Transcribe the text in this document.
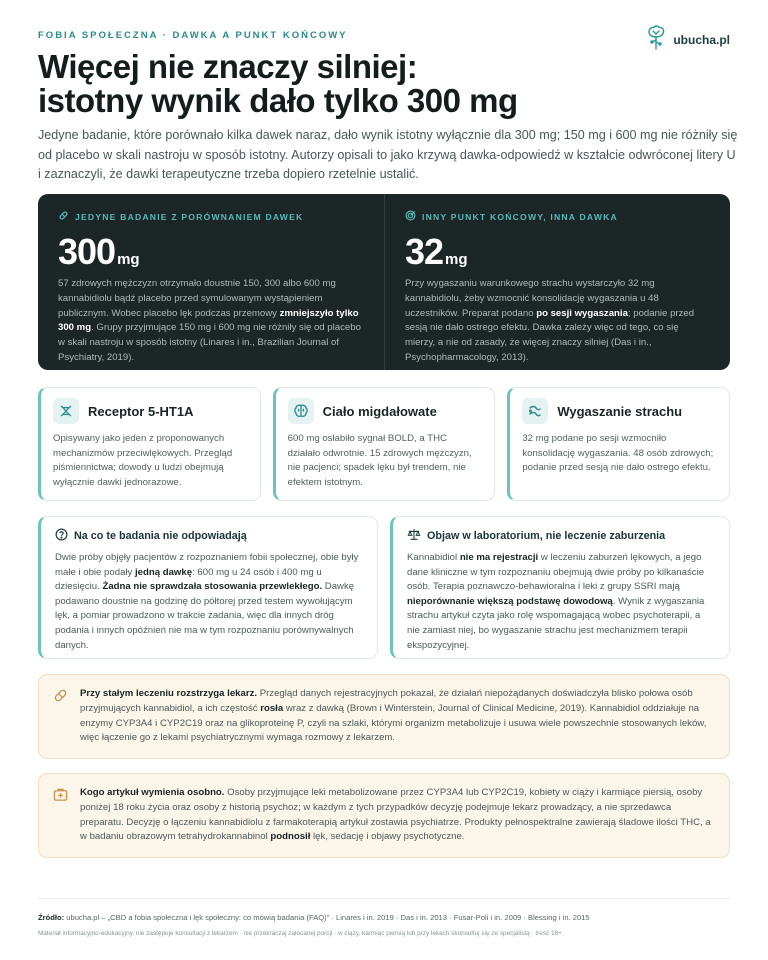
FOBIA SPOŁECZNA · DAWKA A PUNKT KOŃCOWY	ubucha.pl
Więcej nie znaczy silniej:
istotny wynik dało tylko 300 mg

Jedyne badanie, które porównało kilka dawek naraz, dało wynik istotny wyłącznie dla 300 mg; 150 mg i 600 mg nie różniły się od placebo w skali nastroju w sposób istotny. Autorzy opisali to jako krzywą dawka-odpowiedź w kształcie odwróconej litery U i zaznaczyli, że dawki terapeutyczne trzeba dopiero rzetelnie ustalić.

JEDYNE BADANIE Z PORÓWNANIEM DAWEK
300 mg

57 zdrowych mężczyzn otrzymało doustnie 150, 300 albo 600 mg kannabidiolu bądź placebo przed symulowanym wystąpieniem publicznym. Wobec placebo lęk podczas przemowy zmniejszyło tylko 300 mg. Grupy przyjmujące 150 mg i 600 mg nie różniły się od placebo w skali nastroju w sposób istotny (Linares i in., Brazilian Journal of Psychiatry, 2019).

INNY PUNKT KOŃCOWY, INNA DAWKA
32 mg

Przy wygaszaniu warunkowego strachu wystarczyło 32 mg kannabidiolu, żeby wzmocnić konsolidację wygaszania u 48 uczestników. Preparat podano po sesji wygaszania; podanie przed sesją nie dało ostrego efektu. Dawka zależy więc od tego, co się mierzy, a nie od zasady, że więcej znaczy silniej (Das i in., Psychopharmacology, 2013).

Receptor 5-HT1A

Opisywany jako jeden z proponowanych mechanizmów przeciwlękowych. Przegląd piśmiennictwa; dowody u ludzi obejmują wyłącznie dawki jednorazowe.

Ciało migdałowate

600 mg osłabiło sygnał BOLD, a THC działało odwrotnie. 15 zdrowych mężczyzn, nie pacjenci; spadek lęku był trendem, nie efektem istotnym.

Wygaszanie strachu

32 mg podane po sesji wzmocniło konsolidację wygaszania. 48 osób zdrowych; podanie przed sesją nie dało ostrego efektu.

Na co te badania nie odpowiadają

Dwie próby objęły pacjentów z rozpoznaniem fobii społecznej, obie były małe i obie podały jedną dawkę: 600 mg u 24 osób i 400 mg u dziesięciu. Żadna nie sprawdzała stosowania przewlekłego. Dawkę podawano doustnie na godzinę do półtorej przed testem wywołującym lęk, a pomiar prowadzono w trakcie zadania, więc dla innych dróg podania i innych opóźnień nie ma w tym rozpoznaniu porównywalnych danych.

Objaw w laboratorium, nie leczenie zaburzenia

Kannabidiol nie ma rejestracji w leczeniu zaburzeń lękowych, a jego dane kliniczne w tym rozpoznaniu obejmują dwie próby po kilkanaście osób. Terapia poznawczo-behawioralna i leki z grupy SSRI mają nieporównanie większą podstawę dowodową. Wynik z wygaszania strachu artykuł czyta jako rolę wspomagającą wobec psychoterapii, a nie zamiast niej, bo wygaszanie strachu jest mechanizmem terapii ekspozycyjnej.

Przy stałym leczeniu rozstrzyga lekarz. Przegląd danych rejestracyjnych pokazał, że działań niepożądanych doświadczyła blisko połowa osób przyjmujących kannabidiol, a ich częstość rosła wraz z dawką (Brown i Winterstein, Journal of Clinical Medicine, 2019). Kannabidiol oddziałuje na enzymy CYP3A4 i CYP2C19 oraz na glikoproteinę P, czyli na szlaki, którymi organizm metabolizuje i usuwa wiele powszechnie stosowanych leków, więc łączenie go z lekami psychiatrycznymi wymaga rozmowy z lekarzem.

Kogo artykuł wymienia osobno. Osoby przyjmujące leki metabolizowane przez CYP3A4 lub CYP2C19, kobiety w ciąży i karmiące piersią, osoby poniżej 18 roku życia oraz osoby z historią psychoz; w każdym z tych przypadków decyzję podejmuje lekarz prowadzący, a nie sprzedawca preparatu. Decyzję o łączeniu kannabidiolu z farmakoterapią artykuł zostawia psychiatrze. Produkty pełnospektralne zawierają śladowe ilości THC, a w badaniu obrazowym tetrahydrokannabinol podnosił lęk, sedację i objawy psychotyczne.

Źródło: ubucha.pl – „CBD a fobia społeczna i lęk społeczny: co mówią badania (FAQ)” · Linares i in. 2019 · Das i in. 2013 · Fusar-Poli i in. 2009 · Blessing i in. 2015

Materiał informacyjno-edukacyjny, nie zastępuje konsultacji z lekarzem · nie przekraczaj zalecanej porcji · w ciąży, karmiąc piersią lub przy lekach skonsultuj się ze specjalistą · treść 18+.
